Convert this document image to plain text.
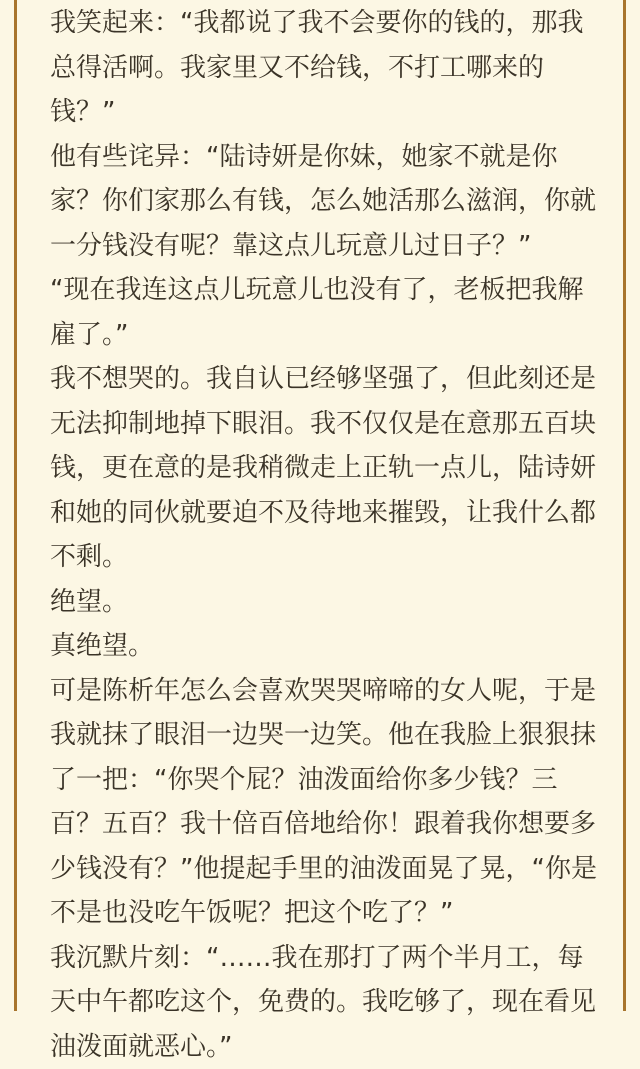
我笑起来：“我都说了我不会要你的钱的，那我总得活啊。我家里又不给钱，不打工哪来的钱？”

他有些诧异：“陆诗妍是你妹，她家不就是你家？你们家那么有钱，怎么她活那么滋润，你就一分钱没有呢？靠这点儿玩意儿过日子？”

“现在我连这点儿玩意儿也没有了，老板把我解雇了。”

我不想哭的。我自认已经够坚强了，但此刻还是无法抑制地掉下眼泪。我不仅仅是在意那五百块钱，更在意的是我稍微走上正轨一点儿，陆诗妍和她的同伙就要迫不及待地来摧毁，让我什么都不剩。

绝望。

真绝望。

可是陈析年怎么会喜欢哭哭啼啼的女人呢，于是我就抹了眼泪一边哭一边笑。他在我脸上狠狠抹了一把：“你哭个屁？油泼面给你多少钱？三百？五百？我十倍百倍地给你！跟着我你想要多少钱没有？”他提起手里的油泼面晃了晃，“你是不是也没吃午饭呢？把这个吃了？”

我沉默片刻：“……我在那打了两个半月工，每天中午都吃这个，免费的。我吃够了，现在看见油泼面就恶心。”
